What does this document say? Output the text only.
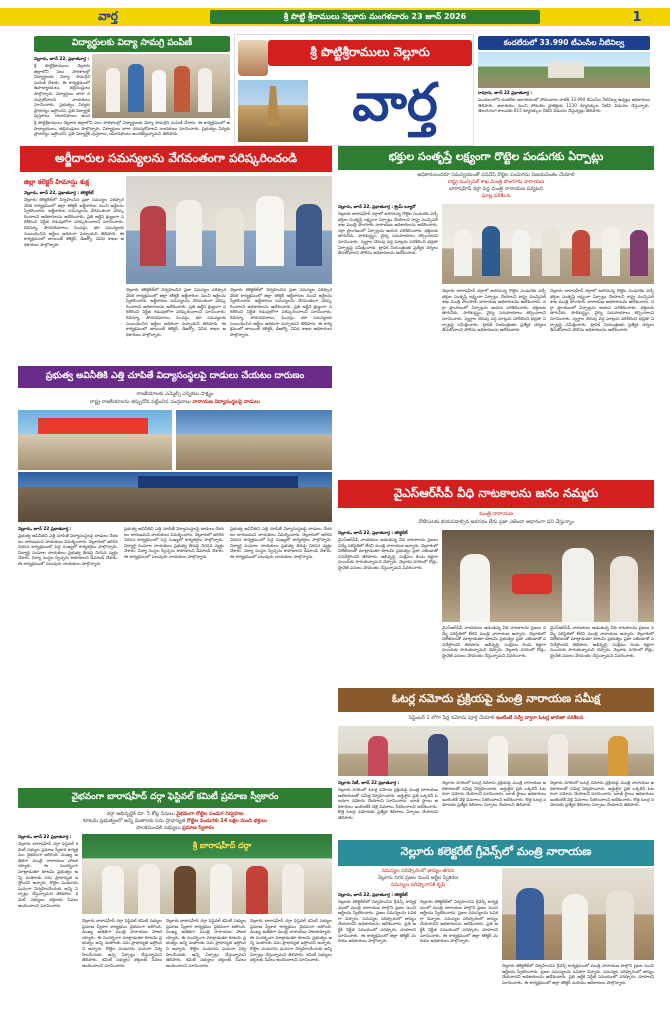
వార్త	శ్రీ పొట్టి శ్రీరాములు నెల్లూరు మంగళవారం 23 జూన్ 2026	1
విద్యార్థులకు విద్యా సామగ్రి పంపిణీ
నెల్లూరు, జూన్ 22, ప్రభాతవార్త :
శ్రీ పొట్టిశ్రీరాములు నెల్లూరు జిల్లాలోని పలు పాఠశాలల్లో విద్యార్థులకు విద్యా సామగ్రిని పంపిణీ చేశారు. ఈ కార్యక్రమంలో ఉపాధ్యాయులు, తల్లిదండ్రులు పాల్గొన్నారు. విద్యార్థులు బాగా చదువుకోవాలని నాయకులు సూచించారు. ప్రభుత్వం విద్యకు ప్రాధాన్యం ఇస్తోందని, ప్రతి విద్యార్థికి పుస్తకాలు, యూనిఫాంలు అంద
శ్రీ పొట్టిశ్రీరాములు నెల్లూరు జిల్లాలోని పలు పాఠశాలల్లో విద్యార్థులకు విద్యా సామగ్రిని పంపిణీ చేశారు. ఈ కార్యక్రమంలో ఉపాధ్యాయులు, తల్లిదండ్రులు పాల్గొన్నారు. విద్యార్థులు బాగా చదువుకోవాలని నాయకులు సూచించారు. ప్రభుత్వం విద్యకు ప్రాధాన్యం ఇస్తోందని, ప్రతి విద్యార్థికి పుస్తకాలు, యూనిఫాంలు అందజేస్తున్నామని తెలిపారు.
శ్రీ పొట్టిశ్రీరాములు నెల్లూరు
వార్త
కందలేరులో 33.990 టీఎంసీల నీటినిల్వ
రాపూరు, జూన్ 22 ప్రభాతవార్త :
మండలంలోని కండలేరు జలాశయంలో సోమవారం నాటికి 33.990 టీఎంసీల నీటినిల్వ ఉన్నట్లు అధికారులు తెలిపారు. జలాశయం నుంచి సోమశిల ప్రాజెక్టుకు 1230 క్యూసెక్కుల నీటిని విడుదల చేస్తున్నారు. తెలుగుగంగ కాలువకు 815 క్యూసెక్కుల నీటిని విడుదల చేస్తున్నట్లు తెలిపారు.
అర్జీదారుల సమస్యలను వేగవంతంగా పరిష్కరించండి
జిల్లా కలెక్టర్ హిమాన్షు శుక్ల
నెల్లూరు, జూన్ 22, ప్రభాతవార్త : కలెక్టరేట్
నెల్లూరు కలెక్టరేట్‌లో నిర్వహించిన ప్రజా సమస్యల పరిష్కార వేదిక కార్యక్రమంలో జిల్లా కలెక్టర్ అర్జీదారుల నుంచి అర్జీలను స్వీకరించారు. అర్జీదారుల సమస్యలను వేగవంతంగా పరిష్కరించాలని అధికారులను ఆదేశించారు. ప్రతి అర్జీని క్షుణ్ణంగా పరిశీలించి నిర్ణీత గడువులోగా పరిష్కరించాలని సూచించారు. రెవెన్యూ, పౌరసరఫరాలు, పింఛన్లు, భూ సమస్యలకు సంబంధించిన అర్జీలు అధికంగా వచ్చాయని తెలిపారు. ఈ కార్యక్రమంలో జాయింట్ కలెక్టర్, డీఆర్వో, వివిధ శాఖల అధికారులు పాల్గొన్నారు.
నెల్లూరు కలెక్టరేట్‌లో నిర్వహించిన ప్రజా సమస్యల పరిష్కార వేదిక కార్యక్రమంలో జిల్లా కలెక్టర్ అర్జీదారుల నుంచి అర్జీలను స్వీకరించారు. అర్జీదారుల సమస్యలను వేగవంతంగా పరిష్కరించాలని అధికారులను ఆదేశించారు. ప్రతి అర్జీని క్షుణ్ణంగా పరిశీలించి నిర్ణీత గడువులోగా పరిష్కరించాలని సూచించారు. రెవెన్యూ, పౌరసరఫరాలు, పింఛన్లు, భూ సమస్యలకు సంబంధించిన అర్జీలు అధికంగా వచ్చాయని తెలిపారు. ఈ కార్యక్రమంలో జాయింట్ కలెక్టర్, డీఆర్వో, వివిధ శాఖల అధికారులు పాల్గొన్నారు.
నెల్లూరు కలెక్టరేట్‌లో నిర్వహించిన ప్రజా సమస్యల పరిష్కార వేదిక కార్యక్రమంలో జిల్లా కలెక్టర్ అర్జీదారుల నుంచి అర్జీలను స్వీకరించారు. అర్జీదారుల సమస్యలను వేగవంతంగా పరిష్కరించాలని అధికారులను ఆదేశించారు. ప్రతి అర్జీని క్షుణ్ణంగా పరిశీలించి నిర్ణీత గడువులోగా పరిష్కరించాలని సూచించారు. రెవెన్యూ, పౌరసరఫరాలు, పింఛన్లు, భూ సమస్యలకు సంబంధించిన అర్జీలు అధికంగా వచ్చాయని తెలిపారు. ఈ కార్యక్రమంలో జాయింట్ కలెక్టర్, డీఆర్వో, వివిధ శాఖల అధికారులు పాల్గొన్నారు.
భక్తుల సంతృప్తే లక్ష్యంగా రొట్టెల పండుగకు ఏర్పాట్లు
అధికారులందరూ సమన్వయంతో పనిచేసి రొట్టెల పండుగను విజయవంతం చేయాలి
రాష్ట్ర మున్సిపల్ శాఖ మంత్రి పొంగూరు నారాయణ
బారాషహీద్ దర్గా వద్ద మంత్రి నారాయణ పర్యటన
ఘాట్ల పరిశీలన
నెల్లూరు, జూన్ 22, ప్రభాతవార్త : క్రైమ్ బ్యూరో
నెల్లూరు బారాషహీద్ దర్గాలో జరగనున్న రొట్టెల పండుగకు వచ్చే భక్తుల సంతృప్తే లక్ష్యంగా ఏర్పాట్లు చేయాలని రాష్ట్ర మున్సిపల్ శాఖ మంత్రి పొంగూరు నారాయణ అధికారులను ఆదేశించారు. దర్గా ప్రాంగణంలో ఏర్పాట్లను ఆయన పరిశీలించారు. భక్తులకు తాగునీరు, పారిశుద్ధ్యం, వైద్య సదుపాయాలు కల్పించాలని సూచించారు. స్వర్ణాల చెరువు వద్ద ఘాట్లను పరిశీలించి భద్రతా ఏర్పాట్లపై సమీక్షించారు. ట్రాఫిక్ నియంత్రణకు ప్రత్యేక చర్యలు తీసుకోవాలని పోలీసు అధికారులను ఆదేశించారు.
నెల్లూరు బారాషహీద్ దర్గాలో జరగనున్న రొట్టెల పండుగకు వచ్చే భక్తుల సంతృప్తే లక్ష్యంగా ఏర్పాట్లు చేయాలని రాష్ట్ర మున్సిపల్ శాఖ మంత్రి పొంగూరు నారాయణ అధికారులను ఆదేశించారు. దర్గా ప్రాంగణంలో ఏర్పాట్లను ఆయన పరిశీలించారు. భక్తులకు తాగునీరు, పారిశుద్ధ్యం, వైద్య సదుపాయాలు కల్పించాలని సూచించారు. స్వర్ణాల చెరువు వద్ద ఘాట్లను పరిశీలించి భద్రతా ఏర్పాట్లపై సమీక్షించారు. ట్రాఫిక్ నియంత్రణకు ప్రత్యేక చర్యలు తీసుకోవాలని పోలీసు అధికారులను ఆదేశించారు.
నెల్లూరు బారాషహీద్ దర్గాలో జరగనున్న రొట్టెల పండుగకు వచ్చే భక్తుల సంతృప్తే లక్ష్యంగా ఏర్పాట్లు చేయాలని రాష్ట్ర మున్సిపల్ శాఖ మంత్రి పొంగూరు నారాయణ అధికారులను ఆదేశించారు. దర్గా ప్రాంగణంలో ఏర్పాట్లను ఆయన పరిశీలించారు. భక్తులకు తాగునీరు, పారిశుద్ధ్యం, వైద్య సదుపాయాలు కల్పించాలని సూచించారు. స్వర్ణాల చెరువు వద్ద ఘాట్లను పరిశీలించి భద్రతా ఏర్పాట్లపై సమీక్షించారు. ట్రాఫిక్ నియంత్రణకు ప్రత్యేక చర్యలు తీసుకోవాలని పోలీసు అధికారులను ఆదేశించారు.
ప్రభుత్వ అవినీతికి ఎత్తి చూపితే విద్యాసంస్థలపై దాడులు చేయటం దారుణం
రాజకీయాలకు ఎమ్మెల్సీ ఎన్నికలు సాక్ష్యం
రాష్ట్ర రాజకీయాలను తప్పుదోవ పట్టించిన చంద్రబాబు నారాయణ విద్యాసంస్థలపై దాడులు
నెల్లూరు, జూన్ 22 ప్రభాతవార్త :
ప్రభుత్వ అవినీతిని ఎత్తి చూపితే విద్యాసంస్థలపై దాడులు చేయటం దారుణమని నాయకులు విమర్శించారు. నెల్లూరులో జరిగిన నిరసన కార్యక్రమంలో పెద్ద సంఖ్యలో కార్యకర్తలు పాల్గొన్నారు. విద్యార్థి సంఘాల నాయకులు ప్రభుత్వ తీరుపై నిరసన వ్యక్తం చేశారు. విద్యా సంస్థల స్వేచ్ఛను కాపాడాలని డిమాండ్ చేశారు. ఈ కార్యక్రమంలో పలువురు నాయకులు పాల్గొన్నారు.
ప్రభుత్వ అవినీతిని ఎత్తి చూపితే విద్యాసంస్థలపై దాడులు చేయటం దారుణమని నాయకులు విమర్శించారు. నెల్లూరులో జరిగిన నిరసన కార్యక్రమంలో పెద్ద సంఖ్యలో కార్యకర్తలు పాల్గొన్నారు. విద్యార్థి సంఘాల నాయకులు ప్రభుత్వ తీరుపై నిరసన వ్యక్తం చేశారు. విద్యా సంస్థల స్వేచ్ఛను కాపాడాలని డిమాండ్ చేశారు. ఈ కార్యక్రమంలో పలువురు నాయకులు పాల్గొన్నారు.
ప్రభుత్వ అవినీతిని ఎత్తి చూపితే విద్యాసంస్థలపై దాడులు చేయటం దారుణమని నాయకులు విమర్శించారు. నెల్లూరులో జరిగిన నిరసన కార్యక్రమంలో పెద్ద సంఖ్యలో కార్యకర్తలు పాల్గొన్నారు. విద్యార్థి సంఘాల నాయకులు ప్రభుత్వ తీరుపై నిరసన వ్యక్తం చేశారు. విద్యా సంస్థల స్వేచ్ఛను కాపాడాలని డిమాండ్ చేశారు. ఈ కార్యక్రమంలో పలువురు నాయకులు పాల్గొన్నారు.
వైఎస్ఆర్‌సీపీ వీధి నాటకాలను జనం నమ్మరు
మంత్రి నారాయణ
నోటీసులకు భయపడాల్సిన అవసరం లేదు ప్రజా ఎజెండా ఆధారంగా పని చేస్తున్నాం
నెల్లూరు, జూన్ 22, ప్రభాతవార్త : కలెక్టరేట్
వైఎస్ఆర్‌సీపీ నాయకులు ఆడుతున్న వీధి నాటకాలను ప్రజలు నమ్మే పరిస్థితిలో లేరని మంత్రి నారాయణ అన్నారు. నెల్లూరులో విలేకరులతో మాట్లాడుతూ కూటమి ప్రభుత్వం ప్రజా ఎజెండాతో పనిచేస్తోందని తెలిపారు. అభివృద్ధి, సంక్షేమం రెండు కళ్లుగా ముందుకు సాగుతున్నామని చెప్పారు. నెల్లూరు నగరంలో రోడ్లు, డ్రైనేజీ పనులు వేగవంతం చేస్తున్నామని వివరించారు.
వైఎస్ఆర్‌సీపీ నాయకులు ఆడుతున్న వీధి నాటకాలను ప్రజలు నమ్మే పరిస్థితిలో లేరని మంత్రి నారాయణ అన్నారు. నెల్లూరులో విలేకరులతో మాట్లాడుతూ కూటమి ప్రభుత్వం ప్రజా ఎజెండాతో పనిచేస్తోందని తెలిపారు. అభివృద్ధి, సంక్షేమం రెండు కళ్లుగా ముందుకు సాగుతున్నామని చెప్పారు. నెల్లూరు నగరంలో రోడ్లు, డ్రైనేజీ పనులు వేగవంతం చేస్తున్నామని వివరించారు.
వైఎస్ఆర్‌సీపీ నాయకులు ఆడుతున్న వీధి నాటకాలను ప్రజలు నమ్మే పరిస్థితిలో లేరని మంత్రి నారాయణ అన్నారు. నెల్లూరులో విలేకరులతో మాట్లాడుతూ కూటమి ప్రభుత్వం ప్రజా ఎజెండాతో పనిచేస్తోందని తెలిపారు. అభివృద్ధి, సంక్షేమం రెండు కళ్లుగా ముందుకు సాగుతున్నామని చెప్పారు. నెల్లూరు నగరంలో రోడ్లు, డ్రైనేజీ పనులు వేగవంతం చేస్తున్నామని వివరించారు.
ఓటర్ల నమోదు ప్రక్రియపై మంత్రి నారాయణ సమీక్ష
సెప్టెంబర్ 1 లోగా పేర్ల నమోదు పూర్తి చేయాలి ఇంటింటి సర్వే ద్వారా ఓటర్ల జాబితా పరిశీలన
నెల్లూరు సిటీ, జూన్ 22 ప్రభాతవార్త :
నెల్లూరు నగరంలో ఓటర్ల నమోదు ప్రక్రియపై మంత్రి నారాయణ అధికారులతో సమీక్ష నిర్వహించారు. అర్హులైన ప్రతి ఒక్కరినీ ఓటరుగా నమోదు చేయాలని సూచించారు. బూత్ స్థాయి అధికారులు ఇంటింటికీ వెళ్లి వివరాలు సేకరించాలని ఆదేశించారు. కొత్త ఓటర్ల నమోదుకు ప్రత్యేక శిబిరాలు ఏర్పాటు చేయాలని తెలిపారు.
నెల్లూరు నగరంలో ఓటర్ల నమోదు ప్రక్రియపై మంత్రి నారాయణ అధికారులతో సమీక్ష నిర్వహించారు. అర్హులైన ప్రతి ఒక్కరినీ ఓటరుగా నమోదు చేయాలని సూచించారు. బూత్ స్థాయి అధికారులు ఇంటింటికీ వెళ్లి వివరాలు సేకరించాలని ఆదేశించారు. కొత్త ఓటర్ల నమోదుకు ప్రత్యేక శిబిరాలు ఏర్పాటు చేయాలని తెలిపారు.
నెల్లూరు నగరంలో ఓటర్ల నమోదు ప్రక్రియపై మంత్రి నారాయణ అధికారులతో సమీక్ష నిర్వహించారు. అర్హులైన ప్రతి ఒక్కరినీ ఓటరుగా నమోదు చేయాలని సూచించారు. బూత్ స్థాయి అధికారులు ఇంటింటికీ వెళ్లి వివరాలు సేకరించాలని ఆదేశించారు. కొత్త ఓటర్ల నమోదుకు ప్రత్యేక శిబిరాలు ఏర్పాటు చేయాలని తెలిపారు.
వైభవంగా బారాషహీద్ దర్గా ఫెస్టివల్ కమిటీ ప్రమాణ స్వీకారం
దర్గా అభివృద్ధికి రూ. 5 కోట్ల నిధులు వైభవంగా రొట్టెల పండుగ నిర్వహణ
కూటమి ప్రభుత్వంలో అన్ని మతాలకు సమ ప్రాధాన్యత రొట్టెల పండుగకు 14 లక్షల మంది భక్తులు
పాలకమండలి సభ్యులు ప్రమాణ స్వీకారం
నెల్లూరు, జూన్ 22 ప్రభాతవార్త :
నెల్లూరు బారాషహీద్ దర్గా ఫెస్టివల్ కమిటీ సభ్యుల ప్రమాణ స్వీకార కార్యక్రమం వైభవంగా జరిగింది. ముఖ్య అతిథిగా మంత్రి నారాయణ హాజరయ్యారు. ఈ సందర్భంగా మాట్లాడుతూ కూటమి ప్రభుత్వం అన్ని మతాలకు సమ ప్రాధాన్యత ఇస్తోందని అన్నారు. రొట్టెల పండుగను ఘనంగా నిర్వహించేందుకు అన్ని ఏర్పాట్లు చేస్తున్నామని తెలిపారు. కమిటీ సభ్యులు భక్తులకు సేవలు అందించాలని సూచించారు.
శ్రీ బారాషహీద్ దర్గా
నెల్లూరు బారాషహీద్ దర్గా ఫెస్టివల్ కమిటీ సభ్యుల ప్రమాణ స్వీకార కార్యక్రమం వైభవంగా జరిగింది. ముఖ్య అతిథిగా మంత్రి నారాయణ హాజరయ్యారు. ఈ సందర్భంగా మాట్లాడుతూ కూటమి ప్రభుత్వం అన్ని మతాలకు సమ ప్రాధాన్యత ఇస్తోందని అన్నారు. రొట్టెల పండుగను ఘనంగా నిర్వహించేందుకు అన్ని ఏర్పాట్లు చేస్తున్నామని తెలిపారు. కమిటీ సభ్యులు భక్తులకు సేవలు అందించాలని సూచించారు.
నెల్లూరు బారాషహీద్ దర్గా ఫెస్టివల్ కమిటీ సభ్యుల ప్రమాణ స్వీకార కార్యక్రమం వైభవంగా జరిగింది. ముఖ్య అతిథిగా మంత్రి నారాయణ హాజరయ్యారు. ఈ సందర్భంగా మాట్లాడుతూ కూటమి ప్రభుత్వం అన్ని మతాలకు సమ ప్రాధాన్యత ఇస్తోందని అన్నారు. రొట్టెల పండుగను ఘనంగా నిర్వహించేందుకు అన్ని ఏర్పాట్లు చేస్తున్నామని తెలిపారు. కమిటీ సభ్యులు భక్తులకు సేవలు అందించాలని సూచించారు.
నెల్లూరు బారాషహీద్ దర్గా ఫెస్టివల్ కమిటీ సభ్యుల ప్రమాణ స్వీకార కార్యక్రమం వైభవంగా జరిగింది. ముఖ్య అతిథిగా మంత్రి నారాయణ హాజరయ్యారు. ఈ సందర్భంగా మాట్లాడుతూ కూటమి ప్రభుత్వం అన్ని మతాలకు సమ ప్రాధాన్యత ఇస్తోందని అన్నారు. రొట్టెల పండుగను ఘనంగా నిర్వహించేందుకు అన్ని ఏర్పాట్లు చేస్తున్నామని తెలిపారు. కమిటీ సభ్యులు భక్తులకు సేవలు అందించాలని సూచించారు.
నెల్లూరు కలెక్టరేట్ గ్రీవెన్స్‌లో మంత్రి నారాయణ
సమస్యల పరిష్కారంలో జాప్యం తగదు
నెల్లూరు నగర ప్రజల నుంచి అర్జీల స్వీకరణ
సమస్యల పరిష్కారానికి కృషి
నెల్లూరు, జూన్ 22, ప్రభాతవార్త : కలెక్టరేట్
నెల్లూరు కలెక్టరేట్‌లో నిర్వహించిన గ్రీవెన్స్ కార్యక్రమంలో మంత్రి నారాయణ పాల్గొని ప్రజల నుంచి అర్జీలను స్వీకరించారు. ప్రజల సమస్యలను ఓపికగా విన్నారు. సమస్యల పరిష్కారంలో జాప్యం చేయరాదని అధికారులను ఆదేశించారు. ప్రతి అర్జీకి నిర్ణీత సమయంలో పరిష్కారం చూపాలని సూచించారు. ఈ కార్యక్రమంలో జిల్లా కలెక్టర్ మరియు అధికారులు పాల్గొన్నారు.
నెల్లూరు కలెక్టరేట్‌లో నిర్వహించిన గ్రీవెన్స్ కార్యక్రమంలో మంత్రి నారాయణ పాల్గొని ప్రజల నుంచి అర్జీలను స్వీకరించారు. ప్రజల సమస్యలను ఓపికగా విన్నారు. సమస్యల పరిష్కారంలో జాప్యం చేయరాదని అధికారులను ఆదేశించారు. ప్రతి అర్జీకి నిర్ణీత సమయంలో పరిష్కారం చూపాలని సూచించారు. ఈ కార్యక్రమంలో జిల్లా కలెక్టర్ మరియు అధికారులు పాల్గొన్నారు.
నెల్లూరు కలెక్టరేట్‌లో నిర్వహించిన గ్రీవెన్స్ కార్యక్రమంలో మంత్రి నారాయణ పాల్గొని ప్రజల నుంచి అర్జీలను స్వీకరించారు. ప్రజల సమస్యలను ఓపికగా విన్నారు. సమస్యల పరిష్కారంలో జాప్యం చేయరాదని అధికారులను ఆదేశించారు. ప్రతి అర్జీకి నిర్ణీత సమయంలో పరిష్కారం చూపాలని సూచించారు. ఈ కార్యక్రమంలో జిల్లా కలెక్టర్ మరియు అధికారులు పాల్గొన్నారు.
